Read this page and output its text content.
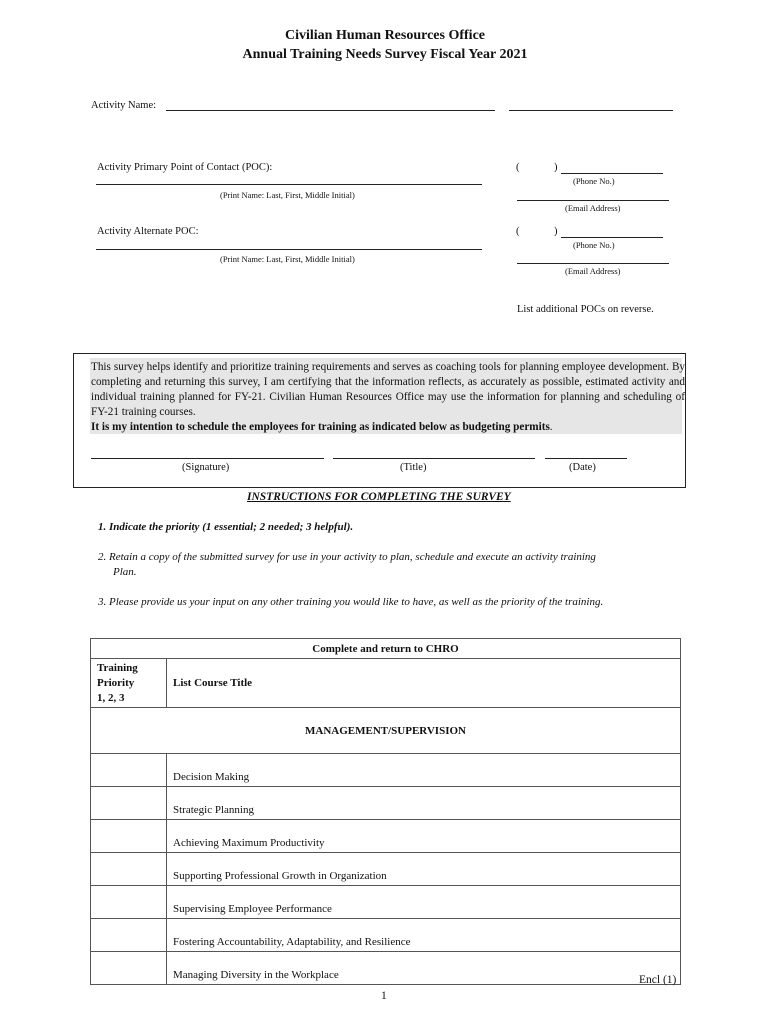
Civilian Human Resources Office
Annual Training Needs Survey Fiscal Year 2021
Activity Name:
Activity Primary Point of Contact (POC):
(Print Name: Last, First, Middle Initial)
(	)
(Phone No.)
(Email Address)
Activity Alternate POC:
(Print Name: Last, First, Middle Initial)
(	)
(Phone No.)
(Email Address)
List additional POCs on reverse.
This survey helps identify and prioritize training requirements and serves as coaching tools for planning employee development. By completing and returning this survey, I am certifying that the information reflects, as accurately as possible, estimated activity and individual training planned for FY-21. Civilian Human Resources Office may use the information for planning and scheduling of FY-21 training courses.
It is my intention to schedule the employees for training as indicated below as budgeting permits.
(Signature)	(Title)	(Date)
INSTRUCTIONS FOR COMPLETING THE SURVEY
1. Indicate the priority (1 essential; 2 needed; 3 helpful).
2. Retain a copy of the submitted survey for use in your activity to plan, schedule and execute an activity training
Plan.
3. Please provide us your input on any other training you would like to have, as well as the priority of the training.
Complete and return to CHRO	
Training
Priority
1, 2, 3	List Course Title
MANAGEMENT/SUPERVISION	
	Decision Making
	Strategic Planning
	Achieving Maximum Productivity
	Supporting Professional Growth in Organization
	Supervising Employee Performance
	Fostering Accountability, Adaptability, and Resilience
	Managing Diversity in the Workplace	Encl (1)
1
